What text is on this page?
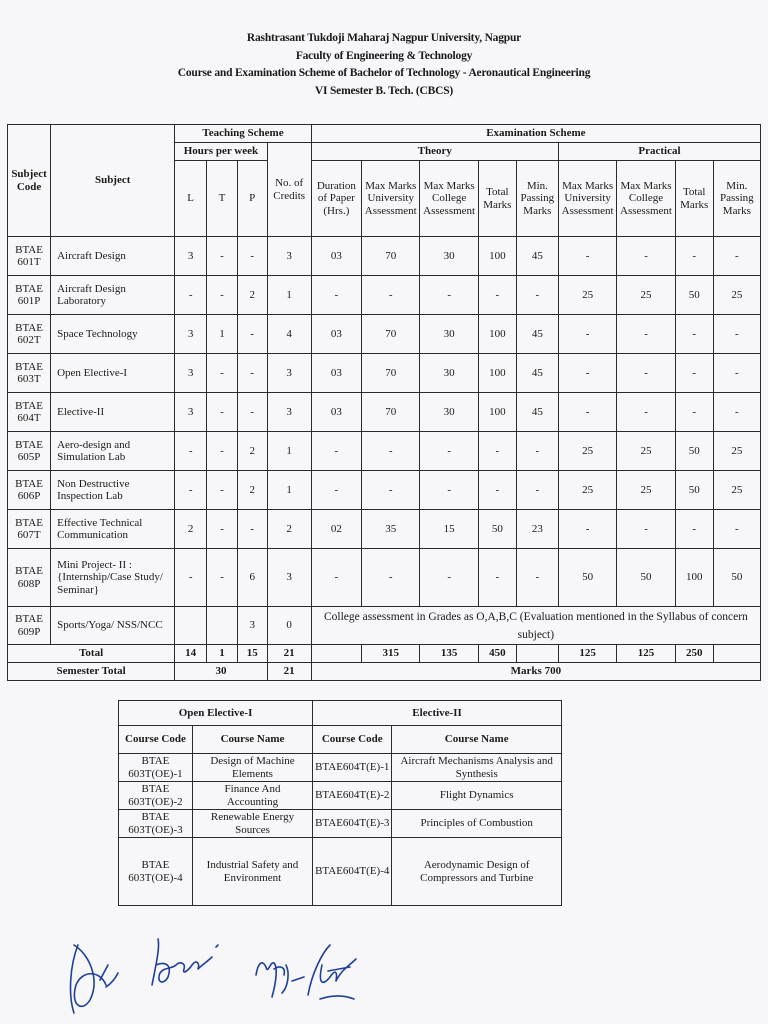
Rashtrasant Tukdoji Maharaj Nagpur University, Nagpur
Faculty of Engineering & Technology
Course and Examination Scheme of Bachelor of Technology - Aeronautical Engineering
VI Semester B. Tech. (CBCS)
Subject Code	Subject	Teaching Scheme				Examination Scheme								
		Hours per week			No. of Credits	Theory					Practical			
		L	T	P		Duration of Paper (Hrs.)	Max Marks University Assessment	Max Marks College Assessment	Total Marks	Min. Passing Marks	Max Marks University Assessment	Max Marks College Assessment	Total Marks	Min. Passing Marks
BTAE 601T	Aircraft Design	3	-	-	3	03	70	30	100	45	-	-	-	-
BTAE 601P	Aircraft Design Laboratory	-	-	2	1	-	-	-	-	-	25	25	50	25
BTAE 602T	Space Technology	3	1	-	4	03	70	30	100	45	-	-	-	-
BTAE 603T	Open Elective-I	3	-	-	3	03	70	30	100	45	-	-	-	-
BTAE 604T	Elective-II	3	-	-	3	03	70	30	100	45	-	-	-	-
BTAE 605P	Aero-design and Simulation Lab	-	-	2	1	-	-	-	-	-	25	25	50	25
BTAE 606P	Non Destructive Inspection Lab	-	-	2	1	-	-	-	-	-	25	25	50	25
BTAE 607T	Effective Technical Communication	2	-	-	2	02	35	15	50	23	-	-	-	-
BTAE 608P	Mini Project- II : {Internship/Case Study/ Seminar}	-	-	6	3	-	-	-	-	-	50	50	100	50
BTAE 609P	Sports/Yoga/ NSS/NCC			3	0	College assessment in Grades as O,A,B,C (Evaluation mentioned in the Syllabus of concern subject)								
Total		14	1	15	21		315	135	450		125	125	250	
Semester Total		30			21	Marks 700								
Open Elective-I		Elective-II	
Course Code	Course Name	Course Code	Course Name
BTAE 603T(OE)-1	Design of Machine Elements	BTAE604T(E)-1	Aircraft Mechanisms Analysis and Synthesis
BTAE 603T(OE)-2	Finance And Accounting	BTAE604T(E)-2	Flight Dynamics
BTAE 603T(OE)-3	Renewable Energy Sources	BTAE604T(E)-3	Principles of Combustion
BTAE 603T(OE)-4	Industrial Safety and Environment	BTAE604T(E)-4	Aerodynamic Design of Compressors and Turbine
